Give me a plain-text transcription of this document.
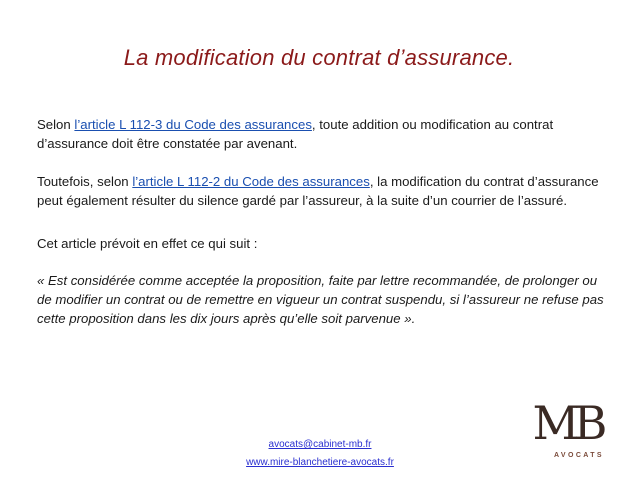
La modification du contrat d’assurance.

Selon l’article L 112-3 du Code des assurances, toute addition ou modification au contrat d’assurance doit être constatée par avenant.

Toutefois, selon l’article L 112-2 du Code des assurances, la modification du contrat d’assurance peut également résulter du silence gardé par l’assureur, à la suite d’un courrier de l’assuré.

Cet article prévoit en effet ce qui suit :

« Est considérée comme acceptée la proposition, faite par lettre recommandée, de prolonger ou de modifier un contrat ou de remettre en vigueur un contrat suspendu, si l’assureur ne refuse pas cette proposition dans les dix jours après qu’elle soit parvenue ».

avocats@cabinet-mb.fr
www.mire-blanchetiere-avocats.fr
MB
AVOCATS
